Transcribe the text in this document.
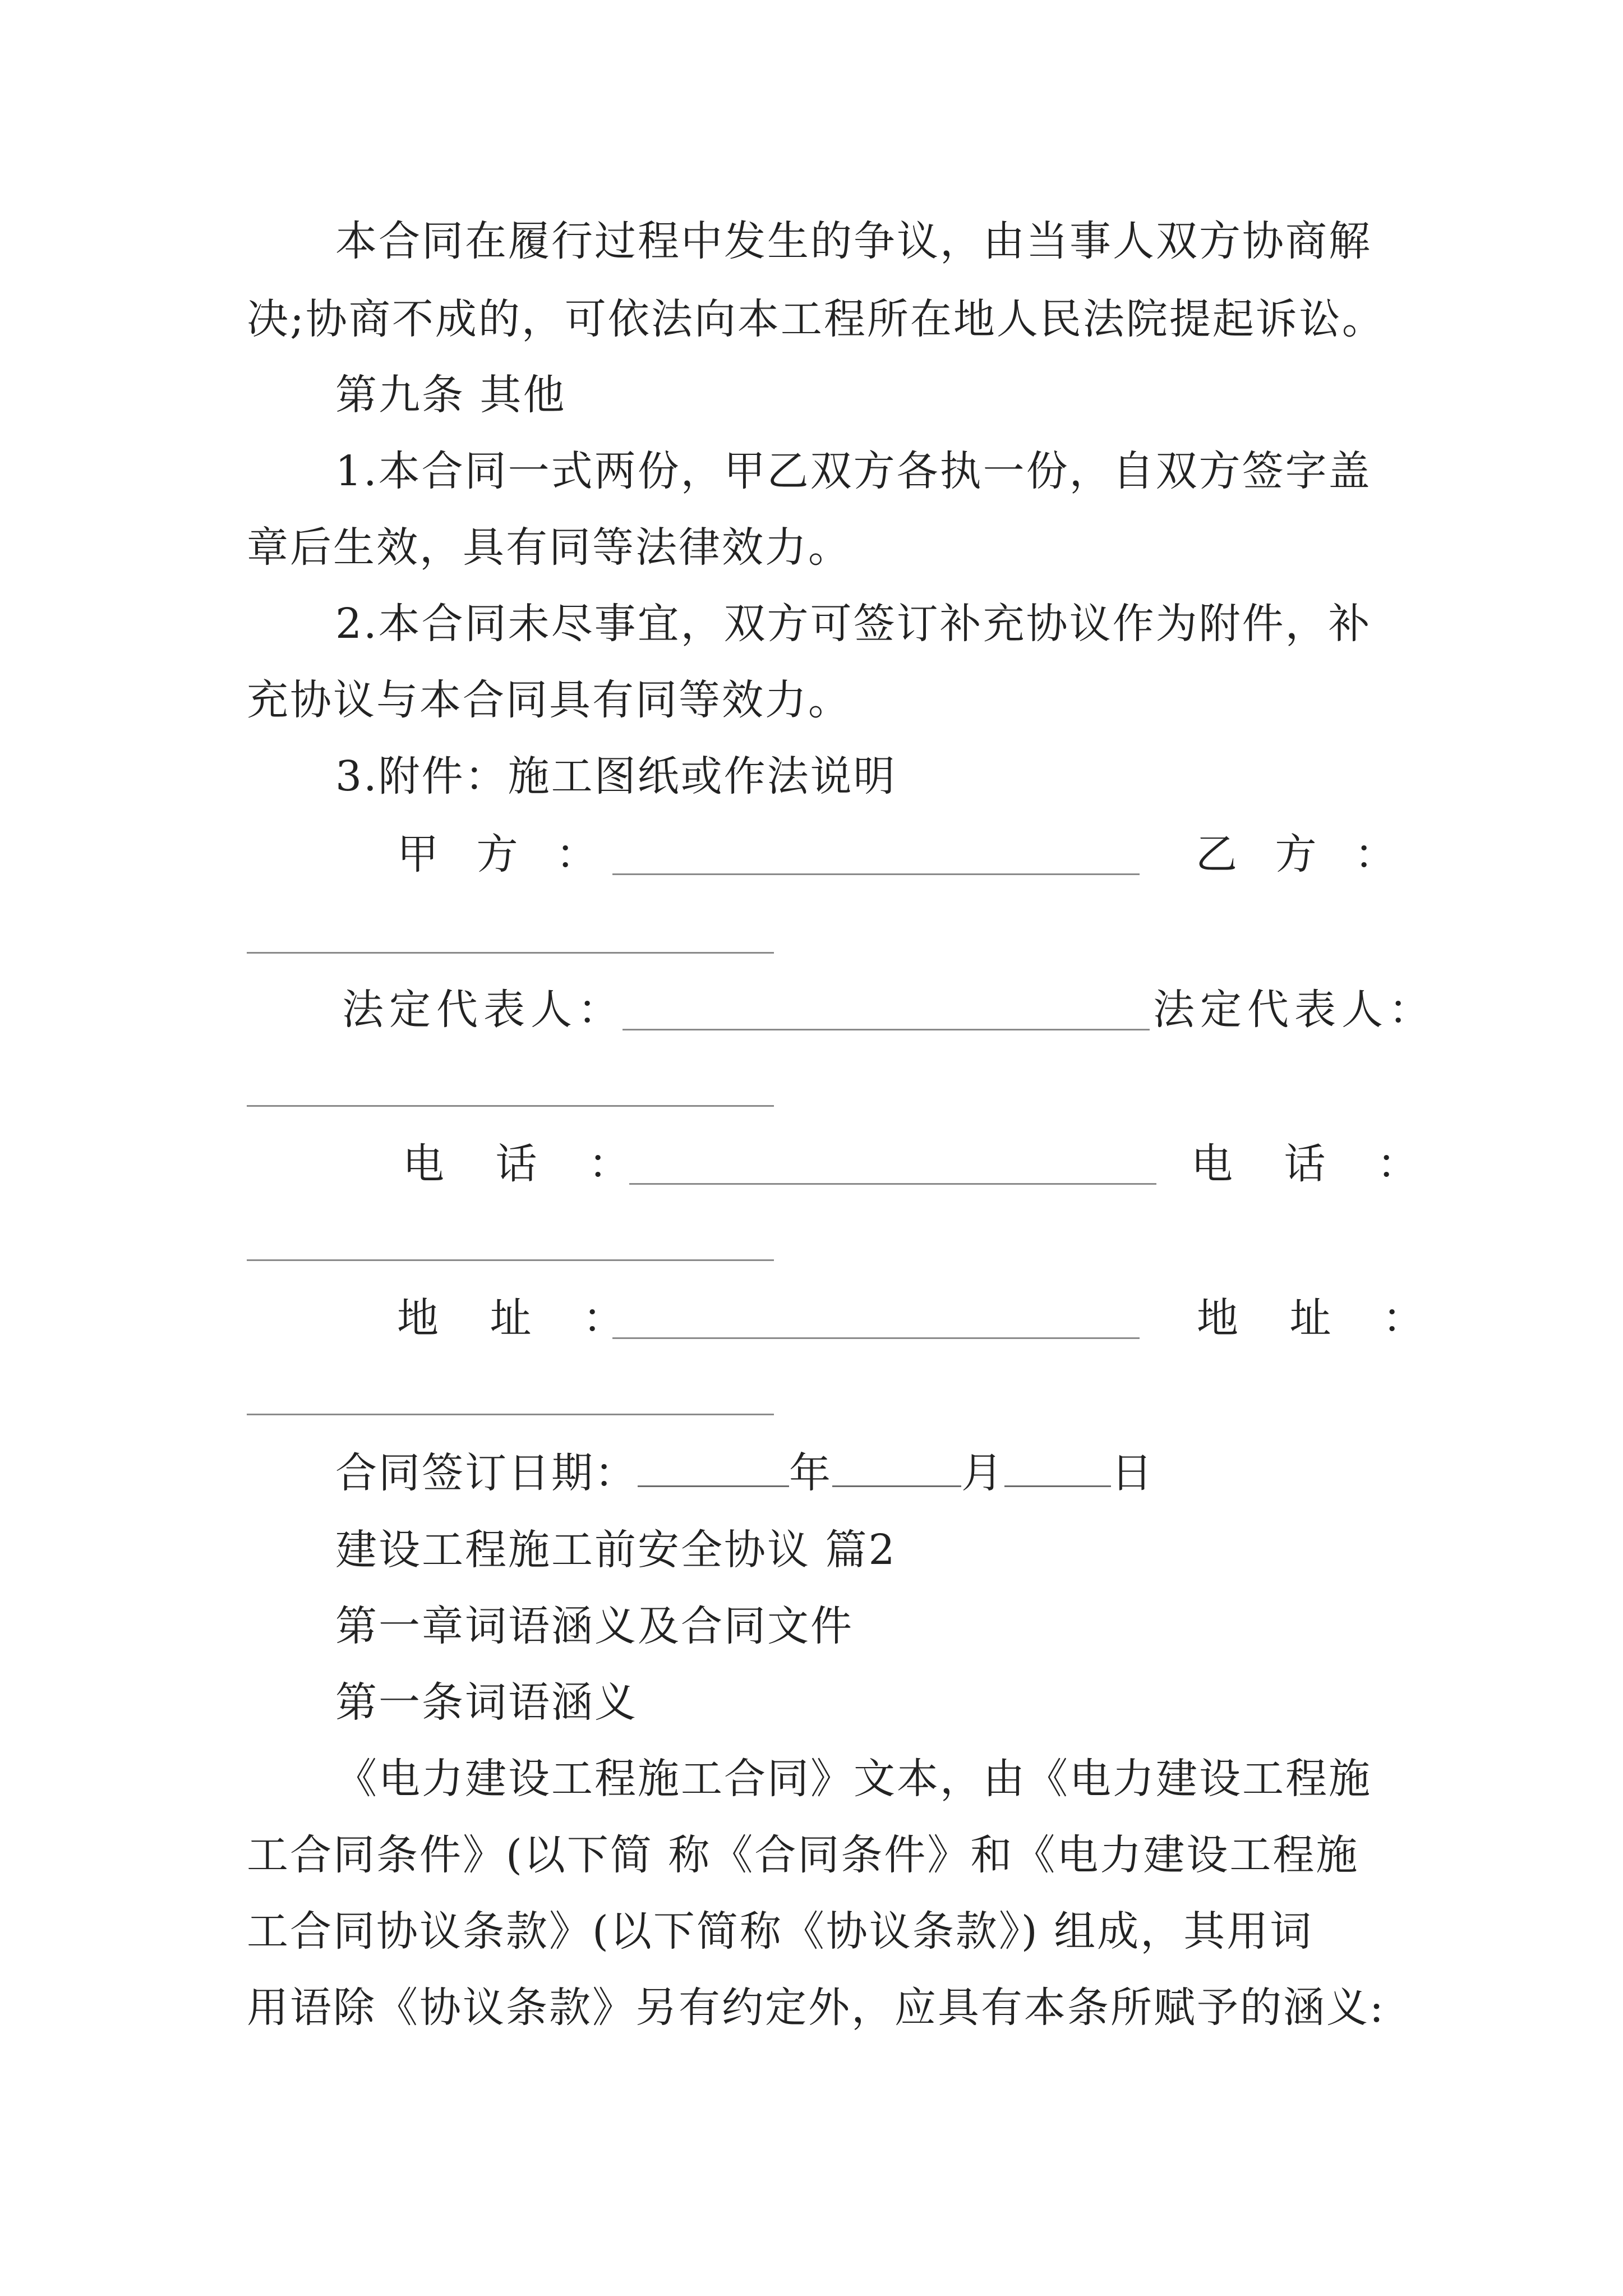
本合同在履行过程中发生的争议，由当事人双方协商解
决;协商不成的，可依法向本工程所在地人民法院提起诉讼。
第九条 其他
1.本合同一式两份，甲乙双方各执一份，自双方签字盖
章后生效，具有同等法律效力。
2.本合同未尽事宜，双方可签订补充协议作为附件，补
充协议与本合同具有同等效力。
3.附件：施工图纸或作法说明
甲 方 ：	乙 方 ：
法定代表人：	法定代表人：
电 话 ：	电 话 ：
地 址 ：	地 址 ：
合同签订日期：	年	月	日
建设工程施工前安全协议 篇2
第一章词语涵义及合同文件
第一条词语涵义
《电力建设工程施工合同》文本，由《电力建设工程施
工合同条件》(以下简 称《合同条件》和《电力建设工程施
工合同协议条款》(以下简称《协议条款》) 组成，其用词
用语除《协议条款》另有约定外，应具有本条所赋予的涵义:
